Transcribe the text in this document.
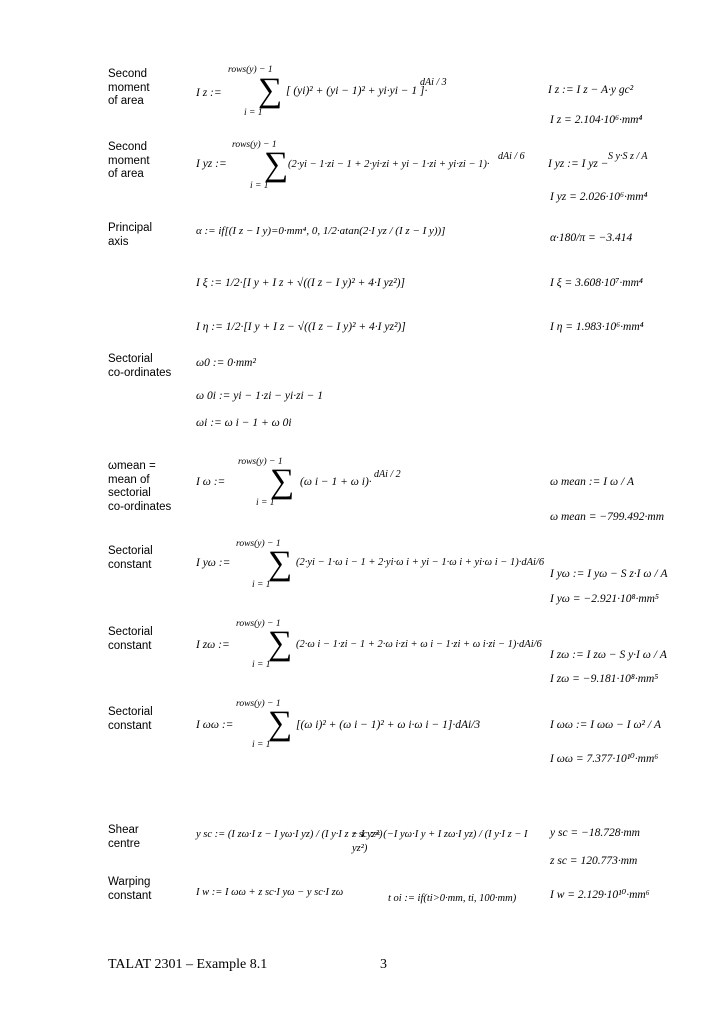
Second
moment
of area
Second
moment
of area
Principal
axis
Sectorial
co-ordinates
ωmean =
mean of
sectorial
co-ordinates
Sectorial
constant
Sectorial
constant
Sectorial
constant
Shear
centre
Warping
constant
rows(y) − 1
∑
i = 1
I z :=	[ (yi)² + (yi − 1)² + yi·yi − 1 ]·
dAi / 3
I z := I z − A·y gc²
I z = 2.104·10⁶·mm⁴
rows(y) − 1
∑
i = 1
I yz :=	(2·yi − 1·zi − 1 + 2·yi·zi + yi − 1·zi + yi·zi − 1)·
dAi / 6
I yz := I yz −
S y·S z / A
I yz = 2.026·10⁶·mm⁴
α := if[(I z − I y)=0·mm⁴, 0, 1/2·atan(2·I yz / (I z − I y))]
α·180/π = −3.414
I ξ := 1/2·[I y + I z + √((I z − I y)² + 4·I yz²)]	I ξ = 3.608·10⁷·mm⁴
I η := 1/2·[I y + I z − √((I z − I y)² + 4·I yz²)]	I η = 1.983·10⁶·mm⁴
ω0 := 0·mm²
ω 0i := yi − 1·zi − yi·zi − 1
ωi := ω i − 1 + ω 0i
rows(y) − 1
∑
i = 1
I ω :=	(ω i − 1 + ω i)·
dAi / 2
ω mean := I ω / A
ω mean = −799.492·mm
rows(y) − 1
∑
i = 1
I yω :=	(2·yi − 1·ω i − 1 + 2·yi·ω i + yi − 1·ω i + yi·ω i − 1)·dAi/6
I yω := I yω − S z·I ω / A
I yω = −2.921·10⁸·mm⁵
rows(y) − 1
∑
i = 1
I zω :=	(2·ω i − 1·zi − 1 + 2·ω i·zi + ω i − 1·zi + ω i·zi − 1)·dAi/6
I zω := I zω − S y·I ω / A
I zω = −9.181·10⁸·mm⁵
rows(y) − 1
∑
i = 1
I ωω :=	[(ω i)² + (ω i − 1)² + ω i·ω i − 1]·dAi/3	I ωω := I ωω − I ω² / A
I ωω = 7.377·10¹⁰·mm⁶
y sc := (I zω·I z − I yω·I yz) / (I y·I z − I yz²)
z sc := (−I yω·I y + I zω·I yz) / (I y·I z − I yz²)
y sc = −18.728·mm
z sc = 120.773·mm
I w := I ωω + z sc·I yω − y sc·I zω
t oi := if(ti>0·mm, ti, 100·mm)	I w = 2.129·10¹⁰·mm⁶
TALAT 2301 – Example 8.1	3
